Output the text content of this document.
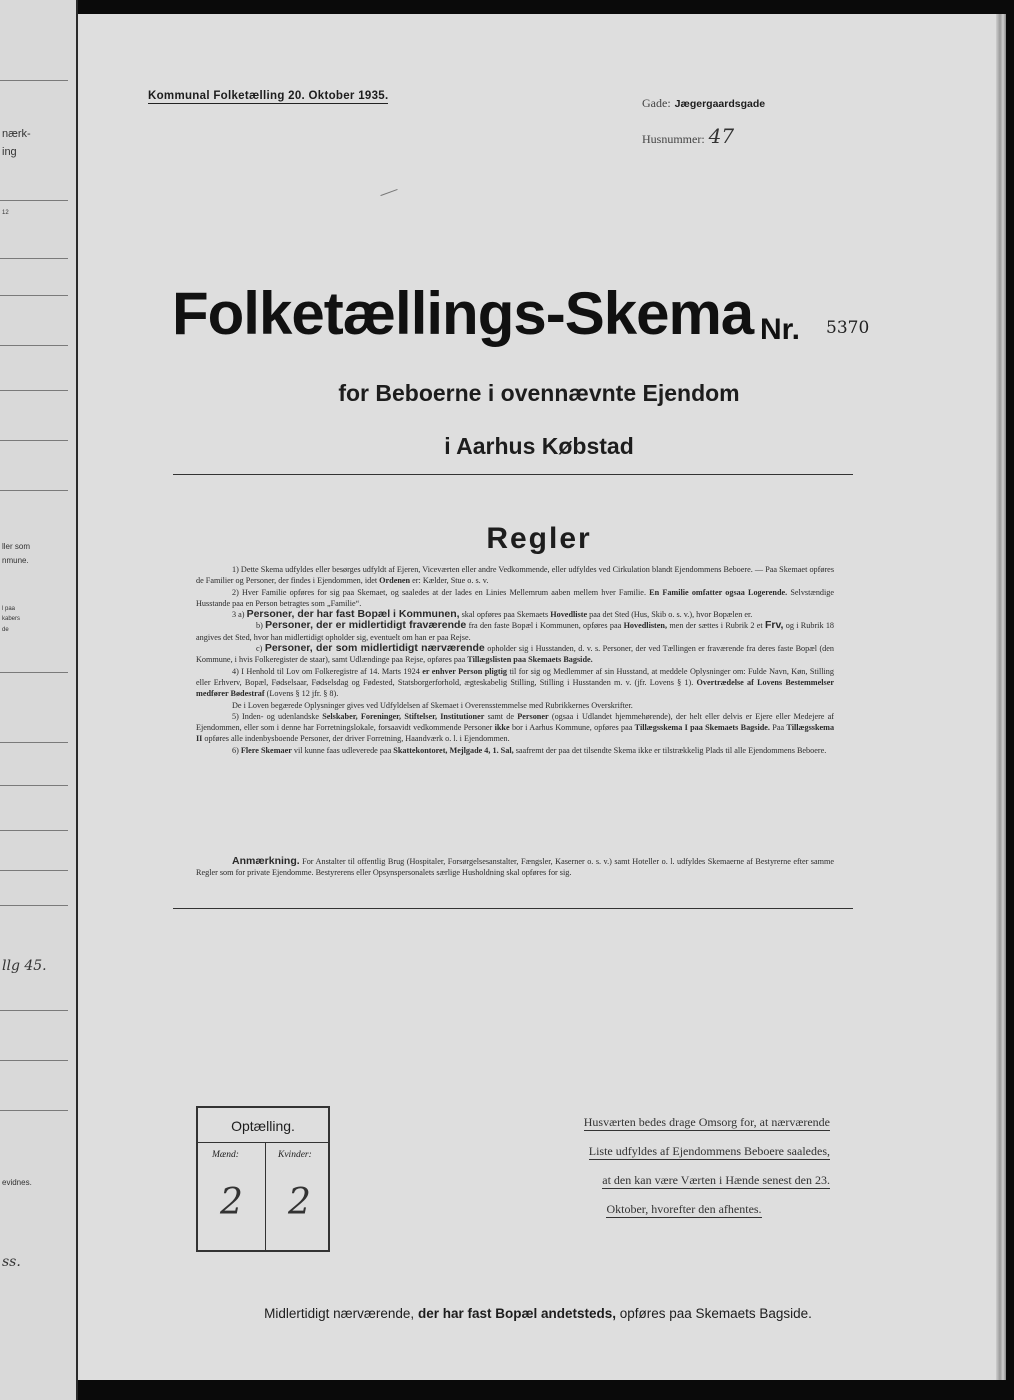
nærk-
ing
12
ller som
nmune.
l paa
kabers
de
llg 45.
evidnes.
ss.
Kommunal Folketælling 20. Oktober 1935.	Gade: Jægergaardsgade
Husnummer: 47
Folketællings-Skema Nr. 5370
for Beboerne i ovennævnte Ejendom
i Aarhus Købstad
Regler

1) Dette Skema udfyldes eller besørges udfyldt af Ejeren, Viceværten eller andre Vedkommende, eller udfyldes ved Cirkulation blandt Ejendommens Beboere. — Paa Skemaet opføres de Familier og Personer, der findes i Ejendommen, idet Ordenen er: Kælder, Stue o. s. v.

2) Hver Familie opføres for sig paa Skemaet, og saaledes at der lades en Linies Mellemrum aaben mellem hver Familie. En Familie omfatter ogsaa Logerende. Selvstændige Husstande paa en Person betragtes som „Familie“.

3 a) Personer, der har fast Bopæl i Kommunen, skal opføres paa Skemaets Hovedliste paa det Sted (Hus, Skib o. s. v.), hvor Bopælen er.

b) Personer, der er midlertidigt fraværende fra den faste Bopæl i Kommunen, opføres paa Hovedlisten, men der sættes i Rubrik 2 et Frv, og i Rubrik 18 angives det Sted, hvor han midlertidigt opholder sig, eventuelt om han er paa Rejse.

c) Personer, der som midlertidigt nærværende opholder sig i Husstanden, d. v. s. Personer, der ved Tællingen er fraværende fra deres faste Bopæl (den Kommune, i hvis Folkeregister de staar), samt Udlændinge paa Rejse, opføres paa Tillægslisten paa Skemaets Bagside.

4) I Henhold til Lov om Folkeregistre af 14. Marts 1924 er enhver Person pligtig til for sig og Medlemmer af sin Husstand, at meddele Oplysninger om: Fulde Navn, Køn, Stilling eller Erhverv, Bopæl, Fødselsaar, Fødselsdag og Fødested, Statsborgerforhold, ægteskabelig Stilling, Stilling i Husstanden m. v. (jfr. Lovens § 1). Overtrædelse af Lovens Bestemmelser medfører Bødestraf (Lovens § 12 jfr. § 8).

De i Loven begærede Oplysninger gives ved Udfyldelsen af Skemaet i Overensstemmelse med Rubrikkernes Overskrifter.

5) Inden- og udenlandske Selskaber, Foreninger, Stiftelser, Institutioner samt de Personer (ogsaa i Udlandet hjemmehørende), der helt eller delvis er Ejere eller Medejere af Ejendommen, eller som i denne har Forretningslokale, forsaavidt vedkommende Personer ikke bor i Aarhus Kommune, opføres paa Tillægsskema I paa Skemaets Bagside. Paa Tillægsskema II opføres alle indenbysboende Personer, der driver Forretning, Haandværk o. l. i Ejendommen.

6) Flere Skemaer vil kunne faas udleverede paa Skattekontoret, Mejlgade 4, 1. Sal, saafremt der paa det tilsendte Skema ikke er tilstrækkelig Plads til alle Ejendommens Beboere.

Anmærkning. For Anstalter til offentlig Brug (Hospitaler, Forsørgelsesanstalter, Fængsler, Kaserner o. s. v.) samt Hoteller o. l. udfyldes Skemaerne af Bestyrerne efter samme Regler som for private Ejendomme. Bestyrerens eller Opsynspersonalets særlige Husholdning skal opføres for sig.

Optælling.
Mænd:	Kvinder:
2 2
Husværten bedes drage Omsorg for, at nærværende
Liste udfyldes af Ejendommens Beboere saaledes,
at den kan være Værten i Hænde senest den 23.
Oktober, hvorefter den afhentes.
Midlertidigt nærværende, der har fast Bopæl andetsteds, opføres paa Skemaets Bagside.
